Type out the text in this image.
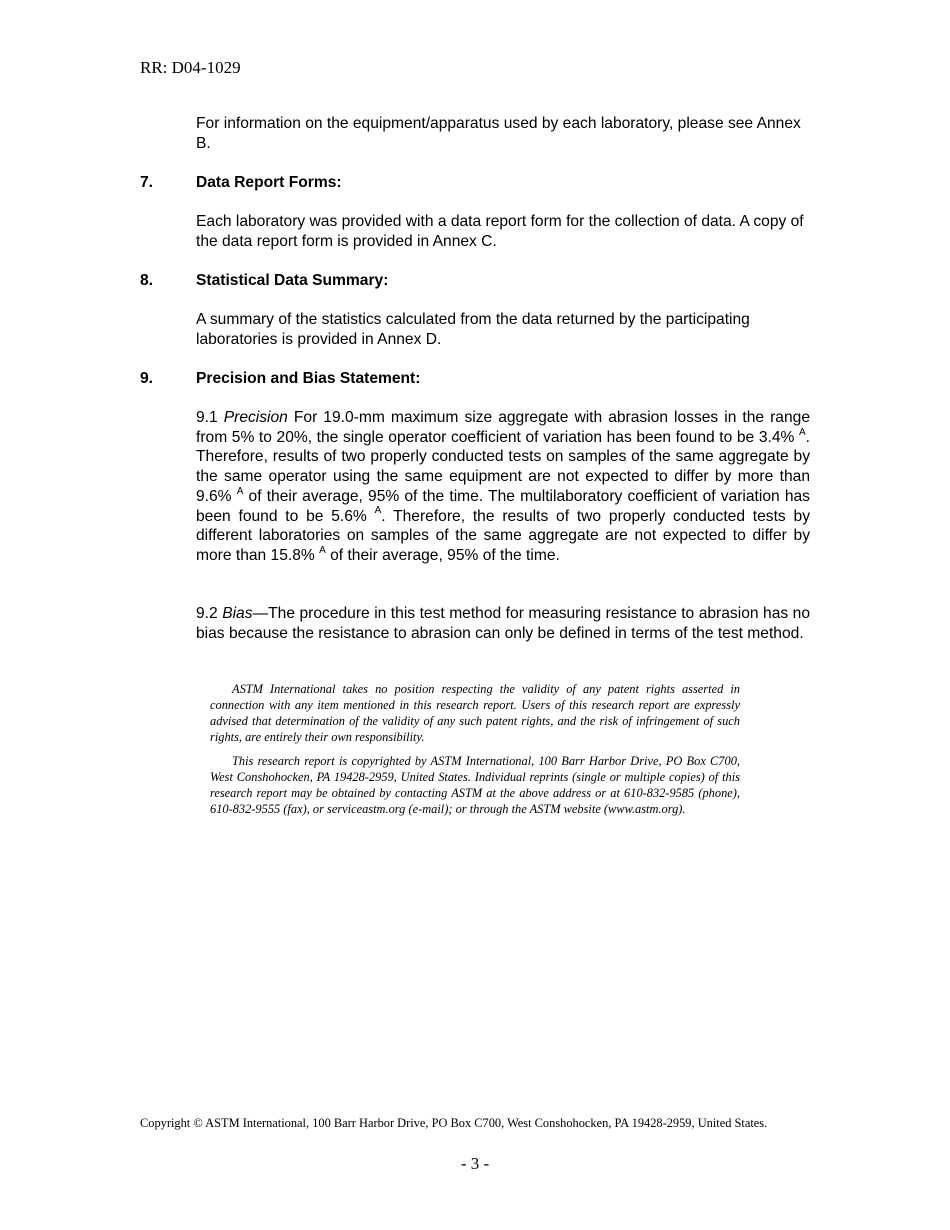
RR: D04-1029

For information on the equipment/apparatus used by each laboratory, please see Annex B.

7.	Data Report Forms:

Each laboratory was provided with a data report form for the collection of data. A copy of the data report form is provided in Annex C.

8.	Statistical Data Summary:

A summary of the statistics calculated from the data returned by the participating laboratories is provided in Annex D.

9.	Precision and Bias Statement:

9.1 Precision For 19.0-mm maximum size aggregate with abrasion losses in the range from 5% to 20%, the single operator coefficient of variation has been found to be 3.4% $^A$. Therefore, results of two properly conducted tests on samples of the same aggregate by the same operator using the same equipment are not expected to differ by more than 9.6% $^A$ of their average, 95% of the time. The multilaboratory coefficient of variation has been found to be 5.6% $^A$. Therefore, the results of two properly conducted tests by different laboratories on samples of the same aggregate are not expected to differ by more than 15.8% $^A$ of their average, 95% of the time.

9.2 Bias—The procedure in this test method for measuring resistance to abrasion has no bias because the resistance to abrasion can only be defined in terms of the test method.

ASTM International takes no position respecting the validity of any patent rights asserted in connection with any item mentioned in this research report. Users of this research report are expressly advised that determination of the validity of any such patent rights, and the risk of infringement of such rights, are entirely their own responsibility.

This research report is copyrighted by ASTM International, 100 Barr Harbor Drive, PO Box C700, West Conshohocken, PA 19428-2959, United States. Individual reprints (single or multiple copies) of this research report may be obtained by contacting ASTM at the above address or at 610-832-9585 (phone), 610-832-9555 (fax), or serviceastm.org (e-mail); or through the ASTM website (www.astm.org).

Copyright © ASTM International, 100 Barr Harbor Drive, PO Box C700, West Conshohocken, PA 19428-2959, United States.
- 3 -
